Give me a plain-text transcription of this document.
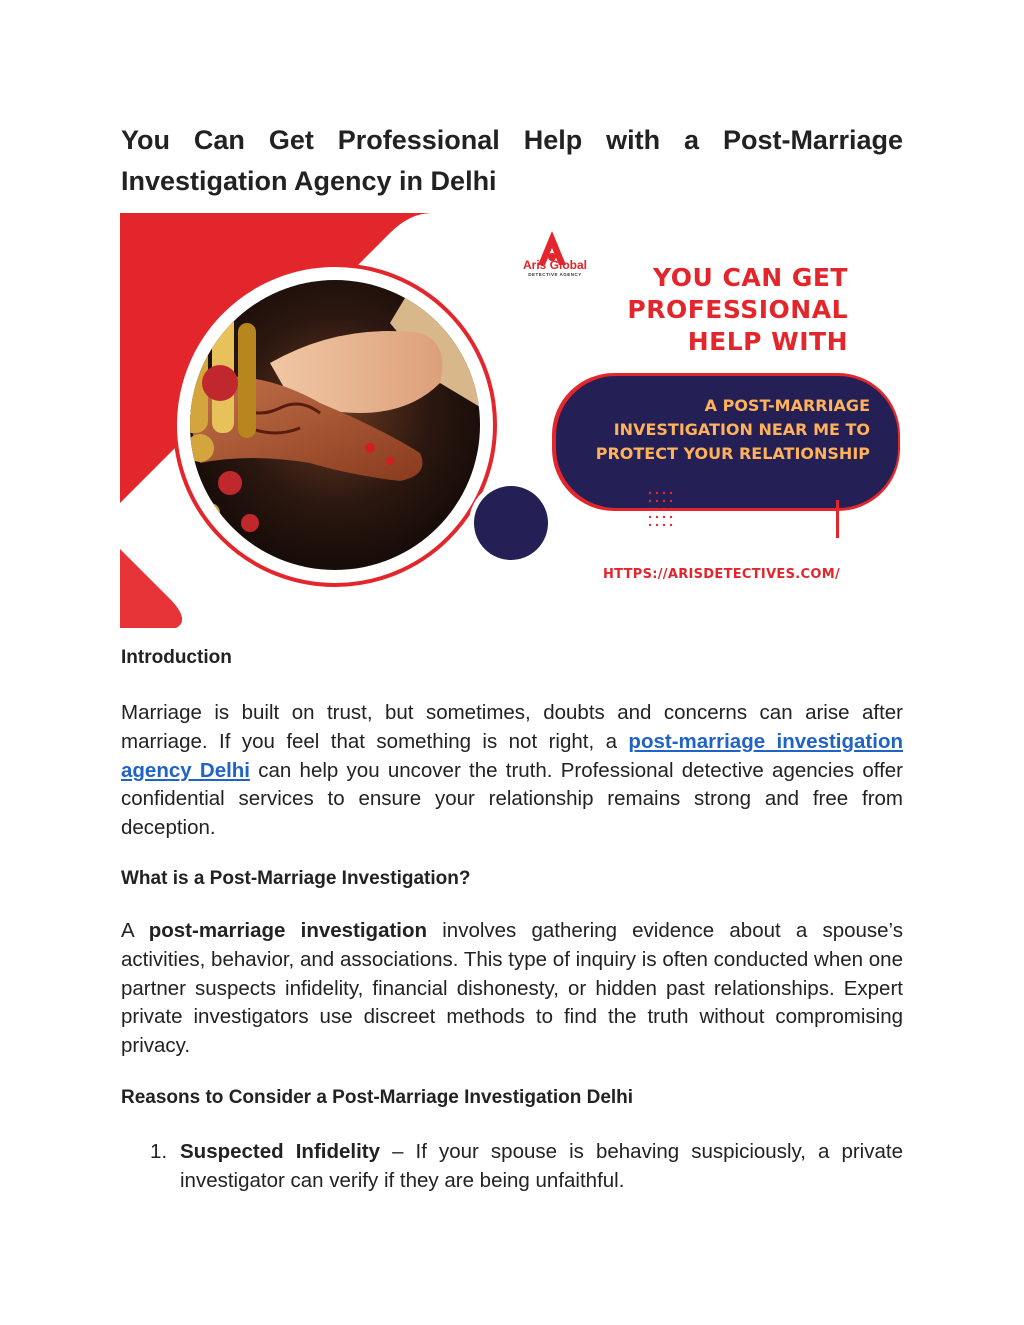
You Can Get Professional Help with a Post-Marriage Investigation Agency in Delhi
Aris Global
DETECTIVE AGENCY	YOU CAN GET
PROFESSIONAL
HELP WITH

A POST-MARRIAGE
INVESTIGATION NEAR ME TO
PROTECT YOUR RELATIONSHIP

HTTPS://ARISDETECTIVES.COM/
Introduction

Marriage is built on trust, but sometimes, doubts and concerns can arise after marriage. If you feel that something is not right, a post-marriage investigation agency Delhi can help you uncover the truth. Professional detective agencies offer confidential services to ensure your relationship remains strong and free from deception.

What is a Post-Marriage Investigation?

A post-marriage investigation involves gathering evidence about a spouse’s activities, behavior, and associations. This type of inquiry is often conducted when one partner suspects infidelity, financial dishonesty, or hidden past relationships. Expert private investigators use discreet methods to find the truth without compromising privacy.

Reasons to Consider a Post-Marriage Investigation Delhi
1. Suspected Infidelity – If your spouse is behaving suspiciously, a private investigator can verify if they are being unfaithful.
